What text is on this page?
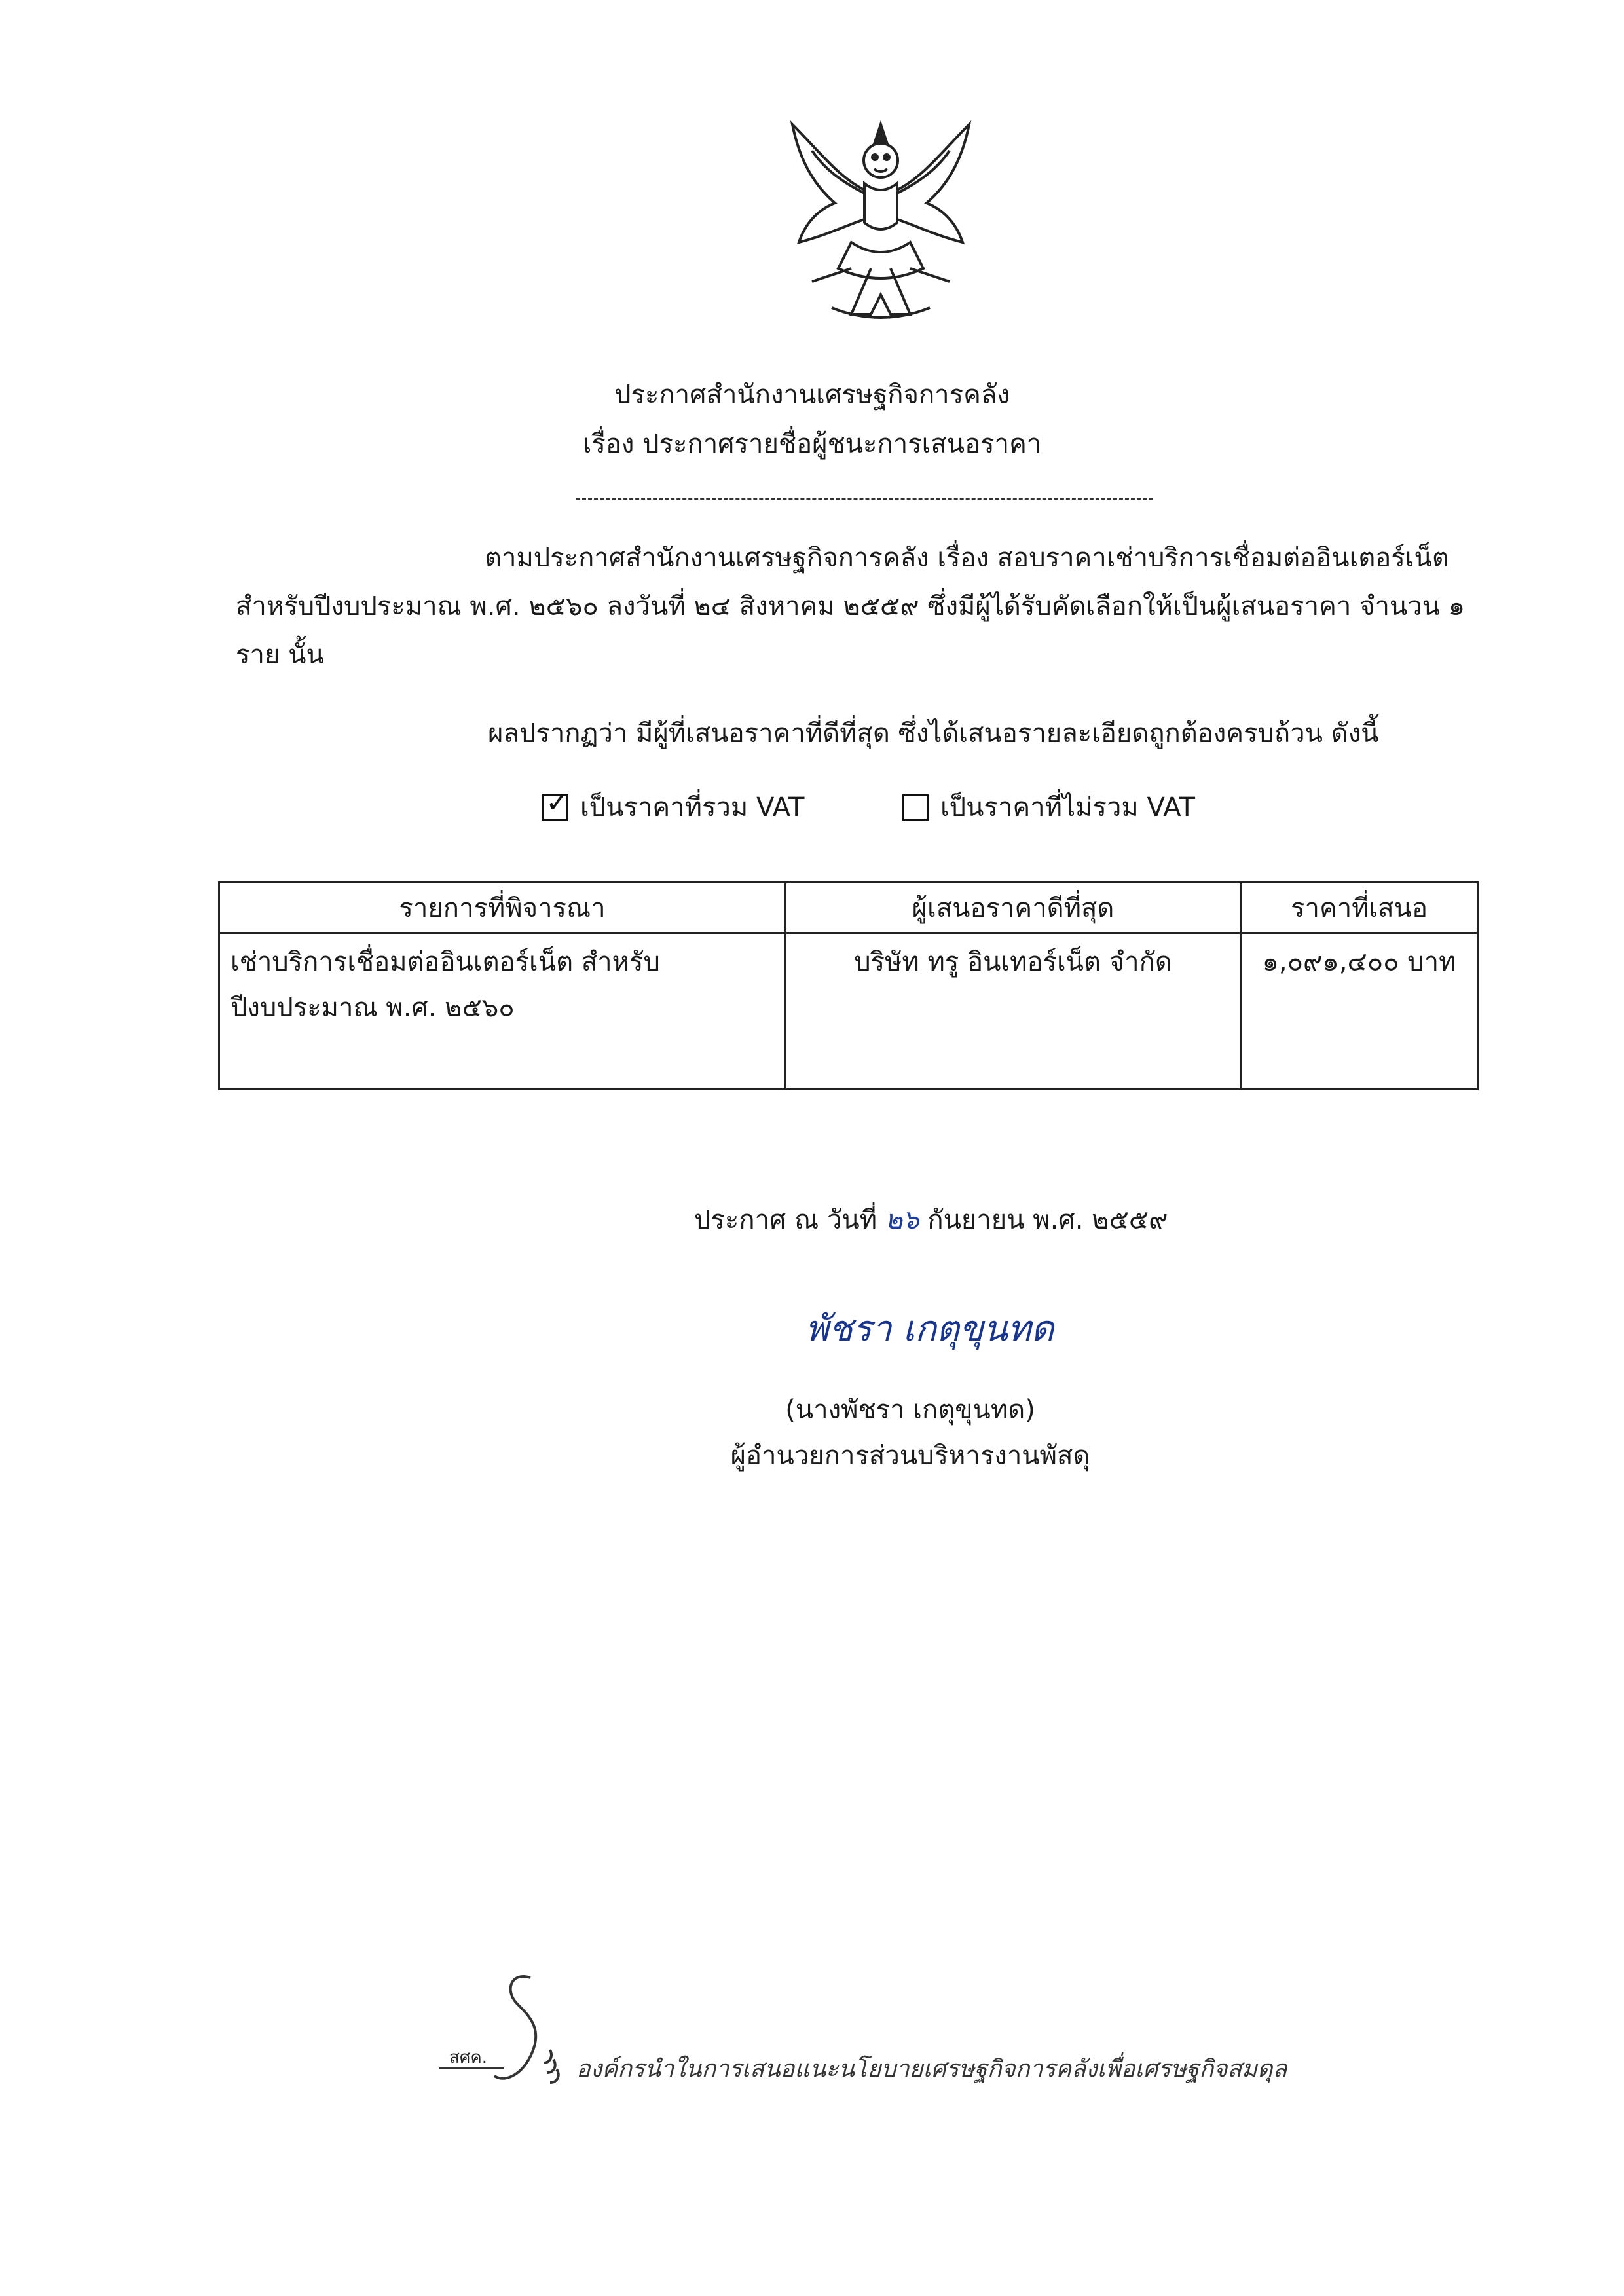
ประกาศสำนักงานเศรษฐกิจการคลัง
เรื่อง ประกาศรายชื่อผู้ชนะการเสนอราคา
ตามประกาศสำนักงานเศรษฐกิจการคลัง เรื่อง สอบราคาเช่าบริการเชื่อมต่ออินเตอร์เน็ต
สำหรับปีงบประมาณ พ.ศ. ๒๕๖๐ ลงวันที่ ๒๔ สิงหาคม ๒๕๕๙ ซึ่งมีผู้ได้รับคัดเลือกให้เป็นผู้เสนอราคา จำนวน ๑ ราย นั้น
ผลปรากฏว่า มีผู้ที่เสนอราคาที่ดีที่สุด ซึ่งได้เสนอรายละเอียดถูกต้องครบถ้วน ดังนี้
✓ เป็นราคาที่รวม VAT	เป็นราคาที่ไม่รวม VAT
รายการที่พิจารณา	ผู้เสนอราคาดีที่สุด	ราคาที่เสนอ
เช่าบริการเชื่อมต่ออินเตอร์เน็ต สำหรับปีงบประมาณ พ.ศ. ๒๕๖๐	บริษัท ทรู อินเทอร์เน็ต จำกัด	๑,๐๙๑,๔๐๐ บาท
ประกาศ ณ วันที่ ๒๖ กันยายน พ.ศ. ๒๕๕๙
พัชรา เกตุขุนทด
(นางพัชรา เกตุขุนทด)
ผู้อำนวยการส่วนบริหารงานพัสดุ
สศค.	องค์กรนำในการเสนอแนะนโยบายเศรษฐกิจการคลังเพื่อเศรษฐกิจสมดุล
